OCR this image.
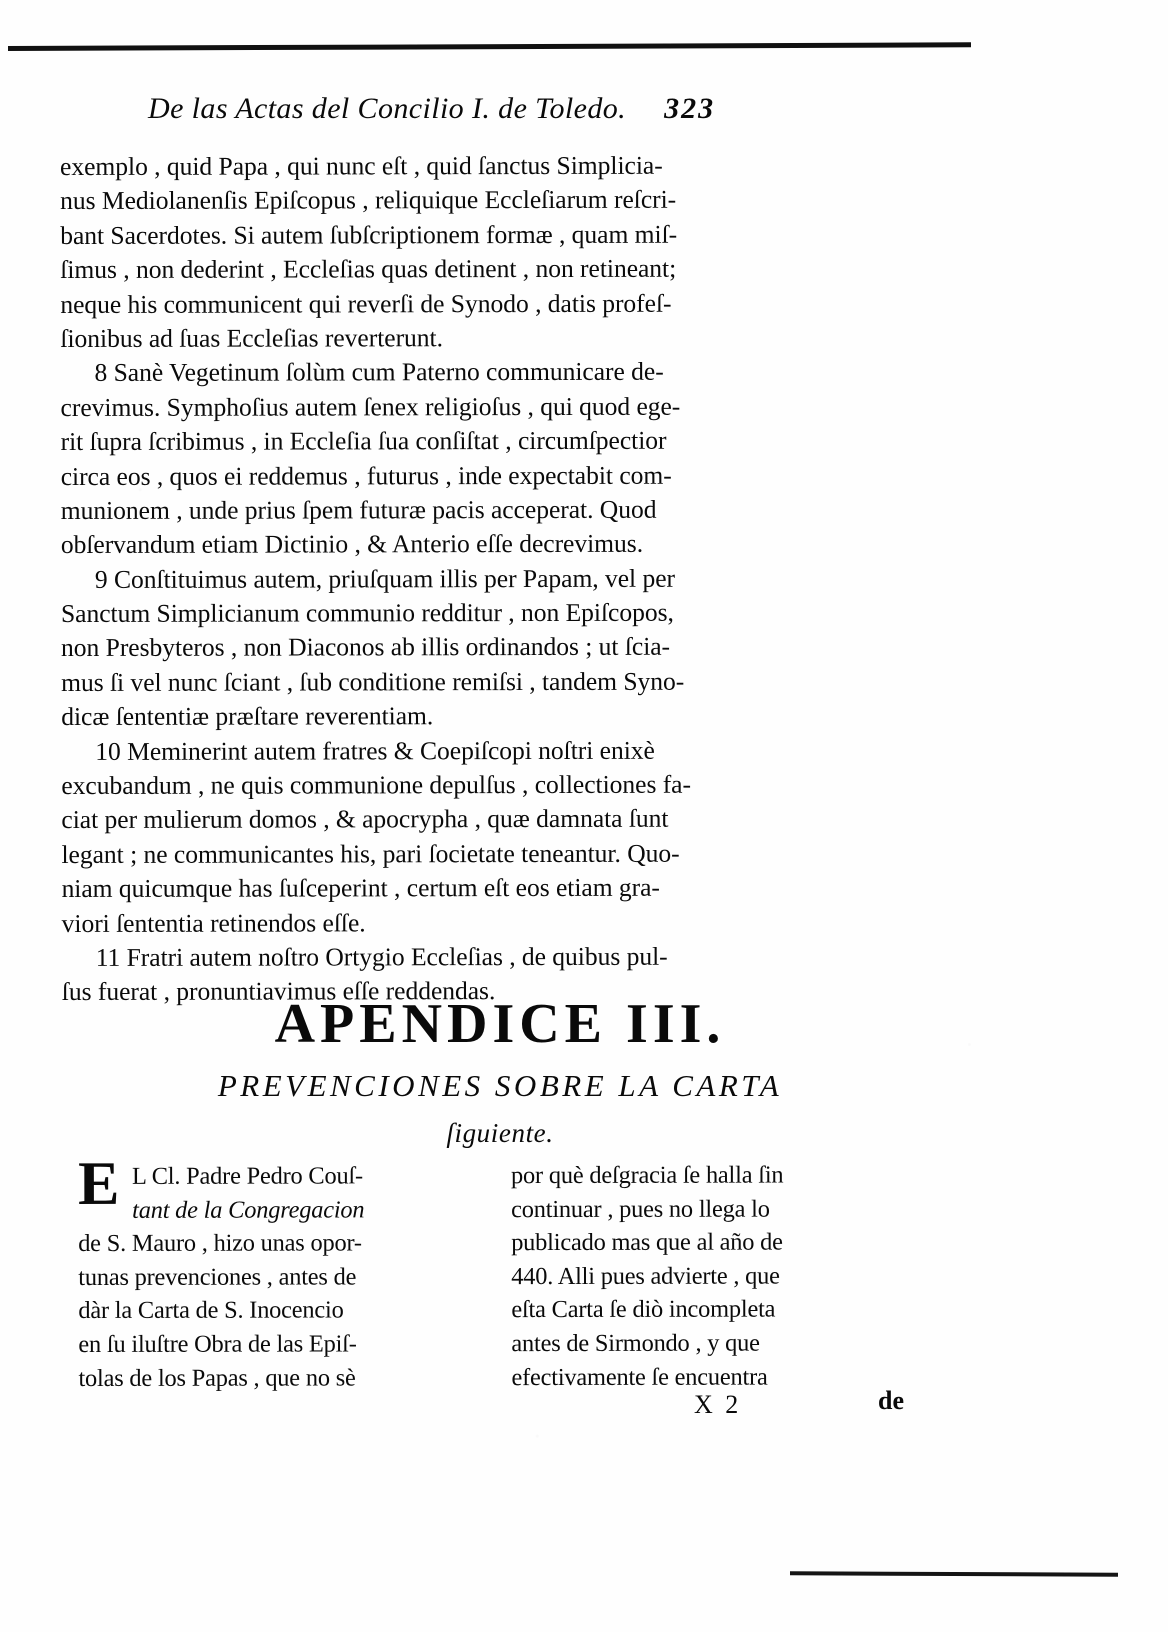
De las Actas del Concilio I. de Toledo. 323
exemplo , quid Papa , qui nunc eſt , quid ſanctus Simplicia-
nus Mediolanenſis Epiſcopus , reliquique Eccleſiarum reſcri-
bant Sacerdotes. Si autem ſubſcriptionem formæ , quam miſ-
ſimus , non dederint , Eccleſias quas detinent , non retineant;
neque his communicent qui reverſi de Synodo , datis profeſ-
ſionibus ad ſuas Eccleſias reverterunt.
8 Sanè Vegetinum ſolùm cum Paterno communicare de-
crevimus. Symphoſius autem ſenex religioſus , qui quod ege-
rit ſupra ſcribimus , in Eccleſia ſua conſiſtat , circumſpectior
circa eos , quos ei reddemus , futurus , inde expectabit com-
munionem , unde prius ſpem futuræ pacis acceperat. Quod
obſervandum etiam Dictinio , & Anterio eſſe decrevimus.
9 Conſtituimus autem, priuſquam illis per Papam, vel per
Sanctum Simplicianum communio redditur , non Epiſcopos,
non Presbyteros , non Diaconos ab illis ordinandos ; ut ſcia-
mus ſi vel nunc ſciant , ſub conditione remiſsi , tandem Syno-
dicæ ſententiæ præſtare reverentiam.
10 Meminerint autem fratres & Coepiſcopi noſtri enixè
excubandum , ne quis communione depulſus , collectiones fa-
ciat per mulierum domos , & apocrypha , quæ damnata ſunt
legant ; ne communicantes his, pari ſocietate teneantur. Quo-
niam quicumque has ſuſceperint , certum eſt eos etiam gra-
viori ſententia retinendos eſſe.
11 Fratri autem noſtro Ortygio Eccleſias , de quibus pul-
ſus fuerat , pronuntiavimus eſſe reddendas.
APENDICE III.
PREVENCIONES SOBRE LA CARTA
ſiguiente.
E L Cl. Padre Pedro Couſ-
tant de la Congregacion
de S. Mauro , hizo unas opor-
tunas prevenciones , antes de
dàr la Carta de S. Inocencio
en ſu iluſtre Obra de las Epiſ-
tolas de los Papas , que no sè
por què deſgracia ſe halla ſin
continuar , pues no llega lo
publicado mas que al año de
440. Alli pues advierte , que
eſta Carta ſe diò incompleta
antes de Sirmondo , y que
efectivamente ſe encuentra
X 2	de
